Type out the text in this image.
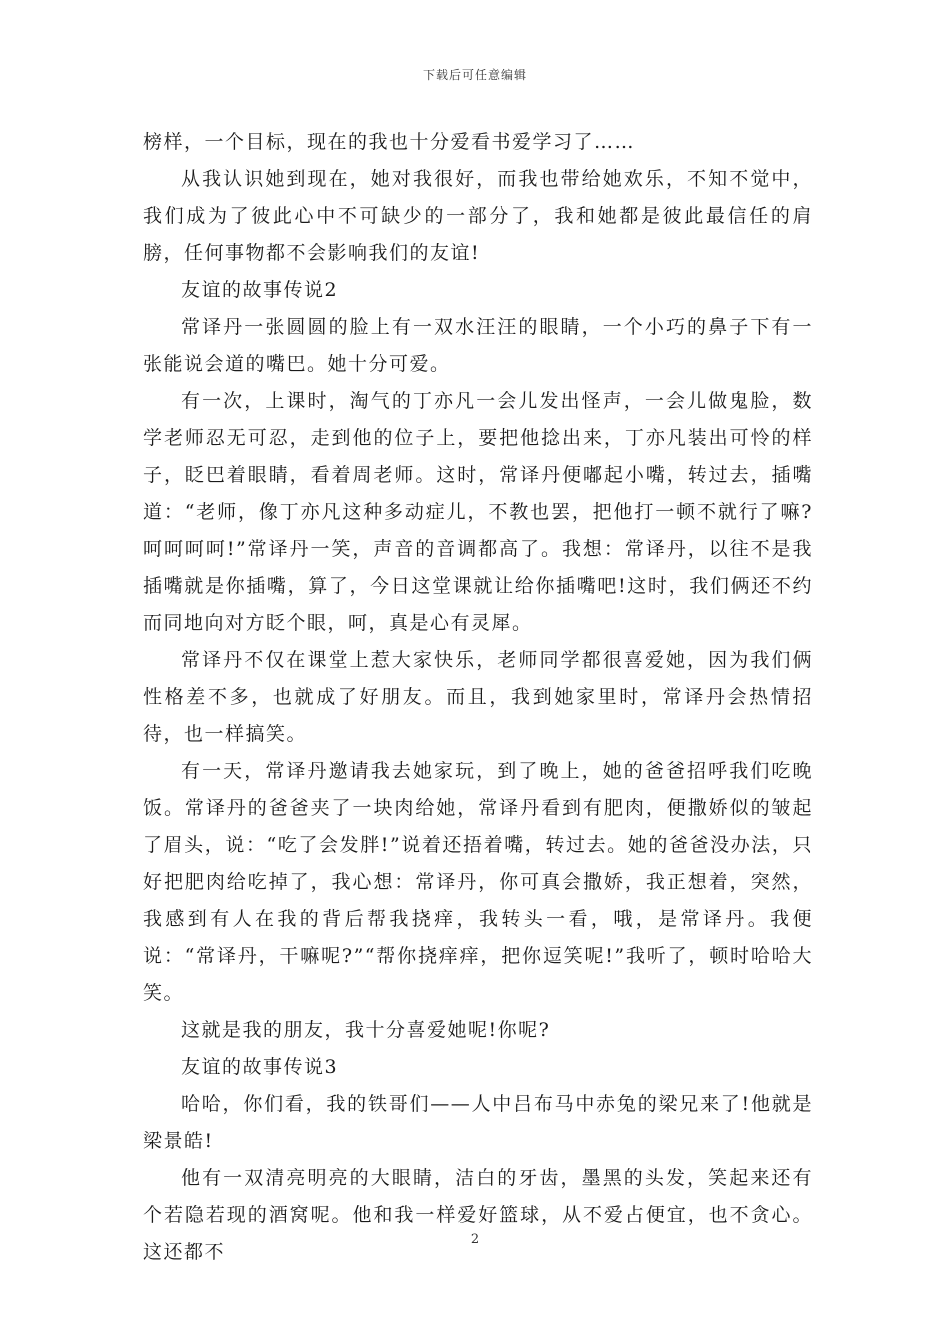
下载后可任意编辑

榜样，一个目标，现在的我也十分爱看书爱学习了……

从我认识她到现在，她对我很好，而我也带给她欢乐，不知不觉中，我们成为了彼此心中不可缺少的一部分了，我和她都是彼此最信任的肩膀，任何事物都不会影响我们的友谊!

友谊的故事传说2

常译丹一张圆圆的脸上有一双水汪汪的眼睛，一个小巧的鼻子下有一张能说会道的嘴巴。她十分可爱。

有一次，上课时，淘气的丁亦凡一会儿发出怪声，一会儿做鬼脸，数学老师忍无可忍，走到他的位子上，要把他捻出来，丁亦凡装出可怜的样子，眨巴着眼睛，看着周老师。这时，常译丹便嘟起小嘴，转过去，插嘴道：“老师，像丁亦凡这种多动症儿，不教也罢，把他打一顿不就行了嘛?呵呵呵呵!”常译丹一笑，声音的音调都高了。我想：常译丹，以往不是我插嘴就是你插嘴，算了，今日这堂课就让给你插嘴吧!这时，我们俩还不约而同地向对方眨个眼，呵，真是心有灵犀。

常译丹不仅在课堂上惹大家快乐，老师同学都很喜爱她，因为我们俩性格差不多，也就成了好朋友。而且，我到她家里时，常译丹会热情招待，也一样搞笑。

有一天，常译丹邀请我去她家玩，到了晚上，她的爸爸招呼我们吃晚饭。常译丹的爸爸夹了一块肉给她，常译丹看到有肥肉，便撒娇似的皱起了眉头，说：“吃了会发胖!”说着还捂着嘴，转过去。她的爸爸没办法，只好把肥肉给吃掉了，我心想：常译丹，你可真会撒娇，我正想着，突然，我感到有人在我的背后帮我挠痒，我转头一看，哦，是常译丹。我便说：“常译丹，干嘛呢?”“帮你挠痒痒，把你逗笑呢!”我听了，顿时哈哈大笑。

这就是我的朋友，我十分喜爱她呢!你呢?

友谊的故事传说3

哈哈，你们看，我的铁哥们——人中吕布马中赤兔的梁兄来了!他就是梁景皓!

他有一双清亮明亮的大眼睛，洁白的牙齿，墨黑的头发，笑起来还有个若隐若现的酒窝呢。他和我一样爱好篮球，从不爱占便宜，也不贪心。这还都不

2
